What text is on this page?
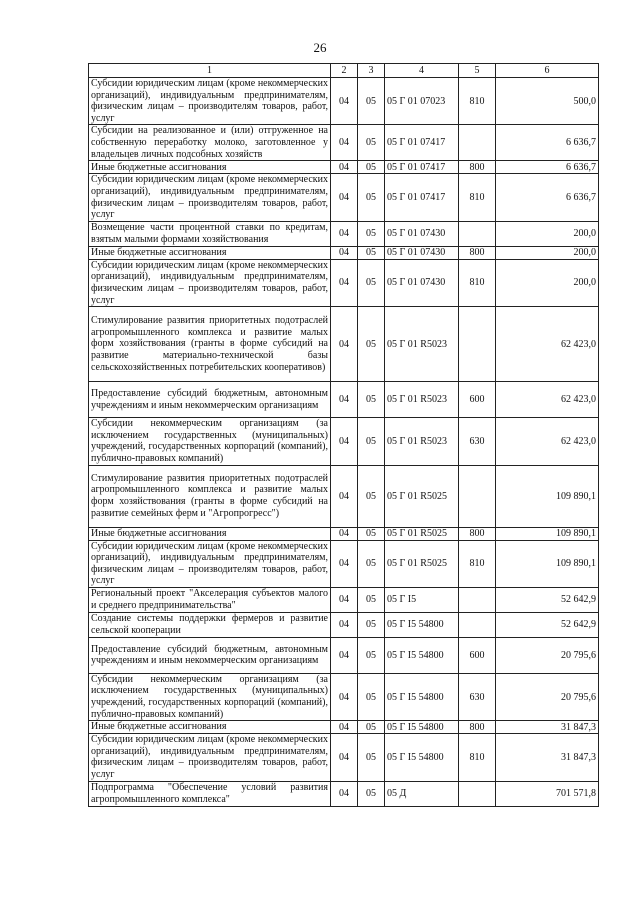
26
1	2	3	4	5	6
Субсидии юридическим лицам (кроме некоммерческих организаций), индивидуальным предпринимателям, физическим лицам – производителям товаров, работ, услуг	04	05	05 Г 01 07023	810	500,0
Субсидии на реализованное и (или) отгруженное на собственную переработку молоко, заготовленное у владельцев личных подсобных хозяйств	04	05	05 Г 01 07417		6 636,7
Иные бюджетные ассигнования	04	05	05 Г 01 07417	800	6 636,7
Субсидии юридическим лицам (кроме некоммерческих организаций), индивидуальным предпринимателям, физическим лицам – производителям товаров, работ, услуг	04	05	05 Г 01 07417	810	6 636,7
Возмещение части процентной ставки по кредитам, взятым малыми формами хозяйствования	04	05	05 Г 01 07430		200,0
Иные бюджетные ассигнования	04	05	05 Г 01 07430	800	200,0
Субсидии юридическим лицам (кроме некоммерческих организаций), индивидуальным предпринимателям, физическим лицам – производителям товаров, работ, услуг	04	05	05 Г 01 07430	810	200,0
Стимулирование развития приоритетных подотраслей агропромышленного комплекса и развитие малых форм хозяйствования (гранты в форме субсидий на развитие материально-технической базы сельскохозяйственных потребительских кооперативов)	04	05	05 Г 01 R5023		62 423,0
Предоставление субсидий бюджетным, автономным учреждениям и иным некоммерческим организациям	04	05	05 Г 01 R5023	600	62 423,0
Субсидии некоммерческим организациям (за исключением государственных (муниципальных) учреждений, государственных корпораций (компаний), публично-правовых компаний)	04	05	05 Г 01 R5023	630	62 423,0
Стимулирование развития приоритетных подотраслей агропромышленного комплекса и развитие малых форм хозяйствования (гранты в форме субсидий на развитие семейных ферм и "Агропрогресс")	04	05	05 Г 01 R5025		109 890,1
Иные бюджетные ассигнования	04	05	05 Г 01 R5025	800	109 890,1
Субсидии юридическим лицам (кроме некоммерческих организаций), индивидуальным предпринимателям, физическим лицам – производителям товаров, работ, услуг	04	05	05 Г 01 R5025	810	109 890,1
Региональный проект "Акселерация субъектов малого и среднего предпринимательства"	04	05	05 Г I5		52 642,9
Создание системы поддержки фермеров и развитие сельской кооперации	04	05	05 Г I5 54800		52 642,9
Предоставление субсидий бюджетным, автономным учреждениям и иным некоммерческим организациям	04	05	05 Г I5 54800	600	20 795,6
Субсидии некоммерческим организациям (за исключением государственных (муниципальных) учреждений, государственных корпораций (компаний), публично-правовых компаний)	04	05	05 Г I5 54800	630	20 795,6
Иные бюджетные ассигнования	04	05	05 Г I5 54800	800	31 847,3
Субсидии юридическим лицам (кроме некоммерческих организаций), индивидуальным предпринимателям, физическим лицам – производителям товаров, работ, услуг	04	05	05 Г I5 54800	810	31 847,3
Подпрограмма "Обеспечение условий развития агропромышленного комплекса"	04	05	05 Д		701 571,8
